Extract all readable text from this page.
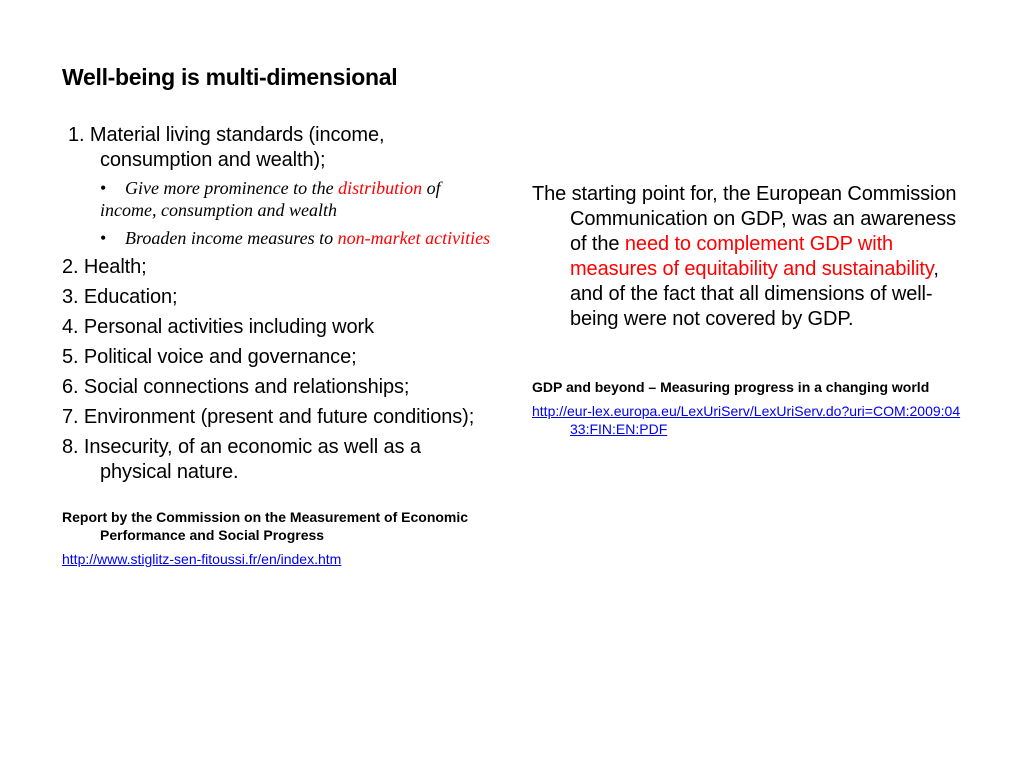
Well-being is multi-dimensional

1. Material living standards (income, consumption and wealth);

• Give more prominence to the distribution of income, consumption and wealth
• Broaden income measures to non-market activities

2. Health;

3. Education;

4. Personal activities including work

5. Political voice and governance;

6. Social connections and relationships;

7. Environment (present and future conditions);

8. Insecurity, of an economic as well as a physical nature.

Report by the Commission on the Measurement of Economic Performance and Social Progress

http://www.stiglitz-sen-fitoussi.fr/en/index.htm

The starting point for, the European Commission Communication on GDP, was an awareness of the need to complement GDP with measures of equitability and sustainability, and of the fact that all dimensions of well-being were not covered by GDP.

GDP and beyond – Measuring progress in a changing world

http://eur-lex.europa.eu/LexUriServ/LexUriServ.do?uri=COM:2009:0433:FIN:EN:PDF
